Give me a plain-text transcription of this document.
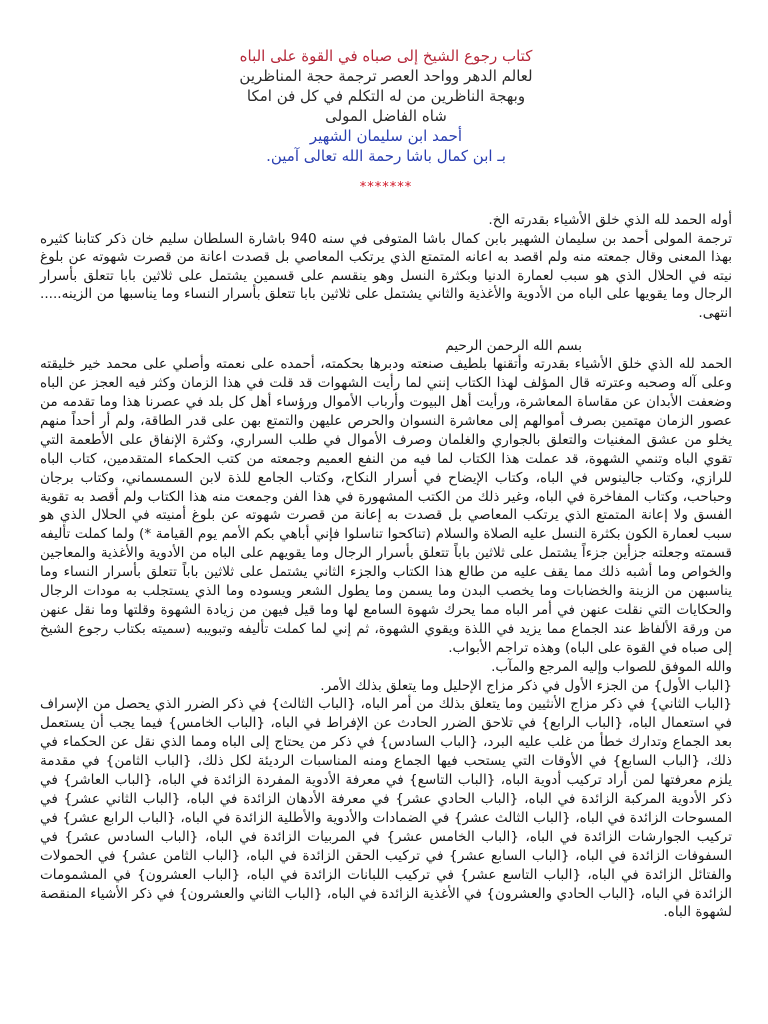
كتاب رجوع الشيخ إلى صباه في القوة على الباه
لعالم الدهر وواحد العصر ترجمة حجة المناظرين
وبهجة الناظرين من له التكلم في كل فن امكا
شاه الفاضل المولى
أحمد ابن سليمان الشهير
بـ ابن كمال باشا رحمة الله تعالى آمين.
*******

أوله الحمد لله الذي خلق الأشياء بقدرته الخ.

ترجمة المولى أحمد بن سليمان الشهير بابن كمال باشا المتوفى في سنه 940 باشارة السلطان سليم خان ذكر كتابنا كثيره بهذا المعنى وقال جمعته منه ولم اقصد به اعانه المتمتع الذي يرتكب المعاصي بل قصدت اعانة من قصرت شهوته عن بلوغ نيته في الحلال الذي هو سبب لعمارة الدنيا وبكثرة النسل وهو ينقسم على قسمين يشتمل على ثلاثين بابا تتعلق بأسرار الرجال وما يقويها على الباه من الأدوية والأغذية والثاني يشتمل على ثلاثين بابا تتعلق بأسرار النساء وما يناسبها من الزينه..... انتهى.

بسم الله الرحمن الرحيم

الحمد لله الذي خلق الأشياء بقدرته وأتقنها بلطيف صنعته ودبرها بحكمته، أحمده على نعمته وأصلي على محمد خير خليقته وعلى آله وصحبه وعترته قال المؤلف لهذا الكتاب إنني لما رأيت الشهوات قد قلت في هذا الزمان وكثر فيه العجز عن الباه وضعفت الأبدان عن مقاساة المعاشرة، ورأيت أهل البيوت وأرباب الأموال ورؤساء أهل كل بلد في عصرنا هذا وما تقدمه من عصور الزمان مهتمين بصرف أموالهم إلى معاشرة النسوان والحرص عليهن والتمتع بهن على قدر الطاقة، ولم أر أحداً منهم يخلو من عشق المغنيات والتعلق بالجواري والغلمان وصرف الأموال في طلب السراري، وكثرة الإنفاق على الأطعمة التي تقوي الباه وتنمي الشهوة، قد عملت هذا الكتاب لما فيه من النفع العميم وجمعته من كتب الحكماء المتقدمين، كتاب الباه للرازي، وكتاب جالينوس في الباه، وكتاب الإيضاح في أسرار النكاح، وكتاب الجامع للذة لابن السمسماني، وكتاب برجان وحباحب، وكتاب المفاخرة في الباه، وغير ذلك من الكتب المشهورة في هذا الفن وجمعت منه هذا الكتاب ولم أقصد به تقوية الفسق ولا إعانة المتمتع الذي يرتكب المعاصي بل قصدت به إعانة من قصرت شهوته عن بلوغ أمنيته في الحلال الذي هو سبب لعمارة الكون بكثرة النسل عليه الصلاة والسلام (تناكحوا تناسلوا فإني أباهي بكم الأمم يوم القيامة *) ولما كملت تأليفه قسمته وجعلته جزأين جزءاً يشتمل على ثلاثين باباً تتعلق بأسرار الرجال وما يقويهم على الباه من الأدوية والأغذية والمعاجين والخواص وما أشبه ذلك مما يقف عليه من طالع هذا الكتاب والجزء الثاني يشتمل على ثلاثين باباً تتعلق بأسرار النساء وما يناسبهن من الزينة والخضابات وما يخصب البدن وما يسمن وما يطول الشعر ويسوده وما الذي يستجلب به مودات الرجال والحكايات التي نقلت عنهن في أمر الباه مما يحرك شهوة السامع لها وما قيل فيهن من زيادة الشهوة وقلتها وما نقل عنهن من ورقة الألفاظ عند الجماع مما يزيد في اللذة ويقوي الشهوة، ثم إني لما كملت تأليفه وتبويبه (سميته بكتاب رجوع الشيخ إلى صباه في القوة على الباه) وهذه تراجم الأبواب.

والله الموفق للصواب وإليه المرجع والمآب.

{الباب الأول} من الجزء الأول في ذكر مزاج الإحليل وما يتعلق بذلك الأمر.

{الباب الثاني} في ذكر مزاج الأنثيين وما يتعلق بذلك من أمر الباه، {الباب الثالث} في ذكر الضرر الذي يحصل من الإسراف في استعمال الباه، {الباب الرابع} في تلاحق الضرر الحادث عن الإفراط في الباه، {الباب الخامس} فيما يجب أن يستعمل بعد الجماع وتدارك خطأ من غلب عليه البرد، {الباب السادس} في ذكر من يحتاج إلى الباه ومما الذي نقل عن الحكماء في ذلك، {الباب السابع} في الأوقات التي يستحب فيها الجماع ومنه المناسبات الرديئة لكل ذلك، {الباب الثامن} في مقدمة يلزم معرفتها لمن أراد تركيب أدوية الباه، {الباب التاسع} في معرفة الأدوية المفردة الزائدة في الباه، {الباب العاشر} في ذكر الأدوية المركبة الزائدة في الباه، {الباب الحادي عشر} في معرفة الأدهان الزائدة في الباه، {الباب الثاني عشر} في المسوحات الزائدة في الباه، {الباب الثالث عشر} في الضمادات والأدوية والأطلية الزائدة في الباه، {الباب الرابع عشر} في تركيب الجوارشات الزائدة في الباه، {الباب الخامس عشر} في المربيات الزائدة في الباه، {الباب السادس عشر} في السفوفات الزائدة في الباه، {الباب السابع عشر} في تركيب الحقن الزائدة في الباه، {الباب الثامن عشر} في الحمولات والفتائل الزائدة في الباه، {الباب التاسع عشر} في تركيب اللبانات الزائدة في الباه، {الباب العشرون} في المشمومات الزائدة في الباه، {الباب الحادي والعشرون} في الأغذية الزائدة في الباه، {الباب الثاني والعشرون} في ذكر الأشياء المنقصة لشهوة الباه.
